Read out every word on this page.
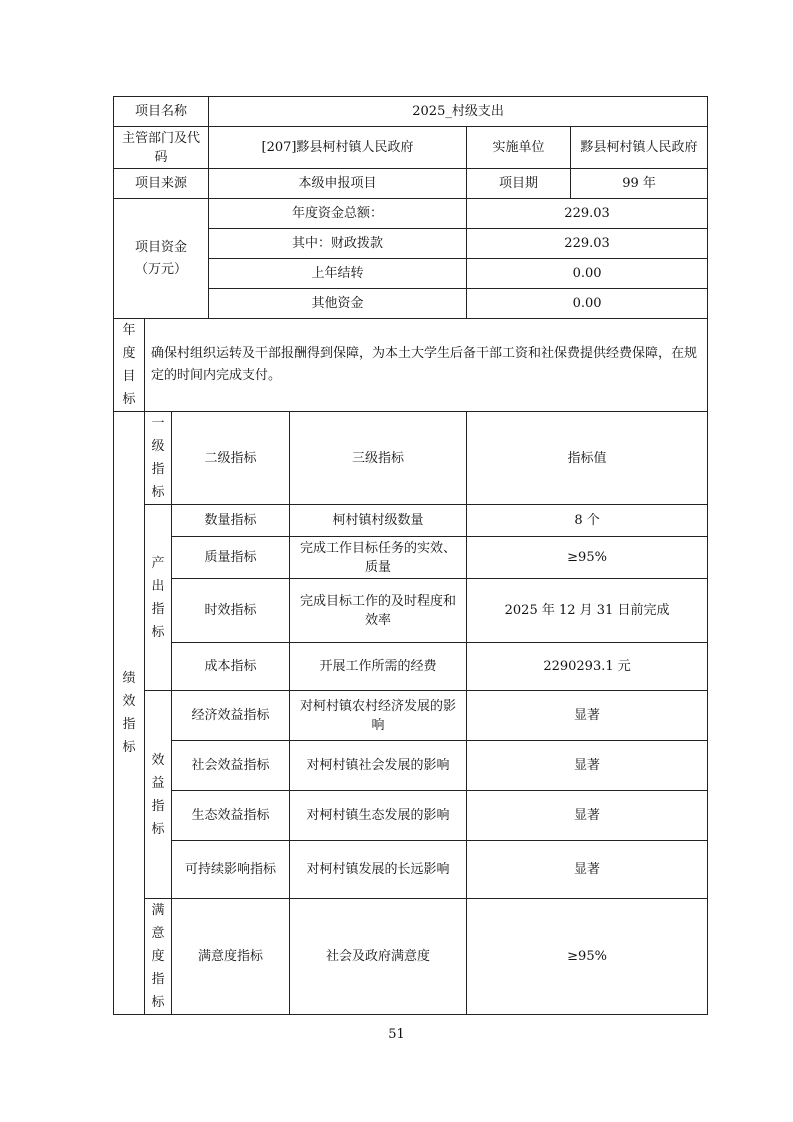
项目名称			2025_村级支出			
主管部门及代码			[207]黟县柯村镇人民政府		实施单位	黟县柯村镇人民政府
项目来源			本级申报项目		项目期	99 年
项目资金
（万元）			年度资金总额：		229.03	
			其中：财政拨款		229.03	
			上年结转		0.00	
			其他资金		0.00	

年度目标	确保村组织运转及干部报酬得到保障，为本土大学生后备干部工资和社保费提供经费保障，在规定的时间内完成支付。					

绩效指标	一级指标	二级指标		三级指标	指标值	

	产出指标	数量指标		柯村镇村级数量	8 个	
		质量指标		完成工作目标任务的实效、质量	≥95%	
		时效指标		完成目标工作的及时程度和效率	2025 年 12 月 31 日前完成	
		成本指标		开展工作所需的经费	2290293.1 元	

	效益指标	经济效益指标		对柯村镇农村经济发展的影响	显著	
		社会效益指标		对柯村镇社会发展的影响	显著	
		生态效益指标		对柯村镇生态发展的影响	显著	
		可持续影响指标		对柯村镇发展的长远影响	显著	

	满意度指标	满意度指标		社会及政府满意度	≥95%	
51
